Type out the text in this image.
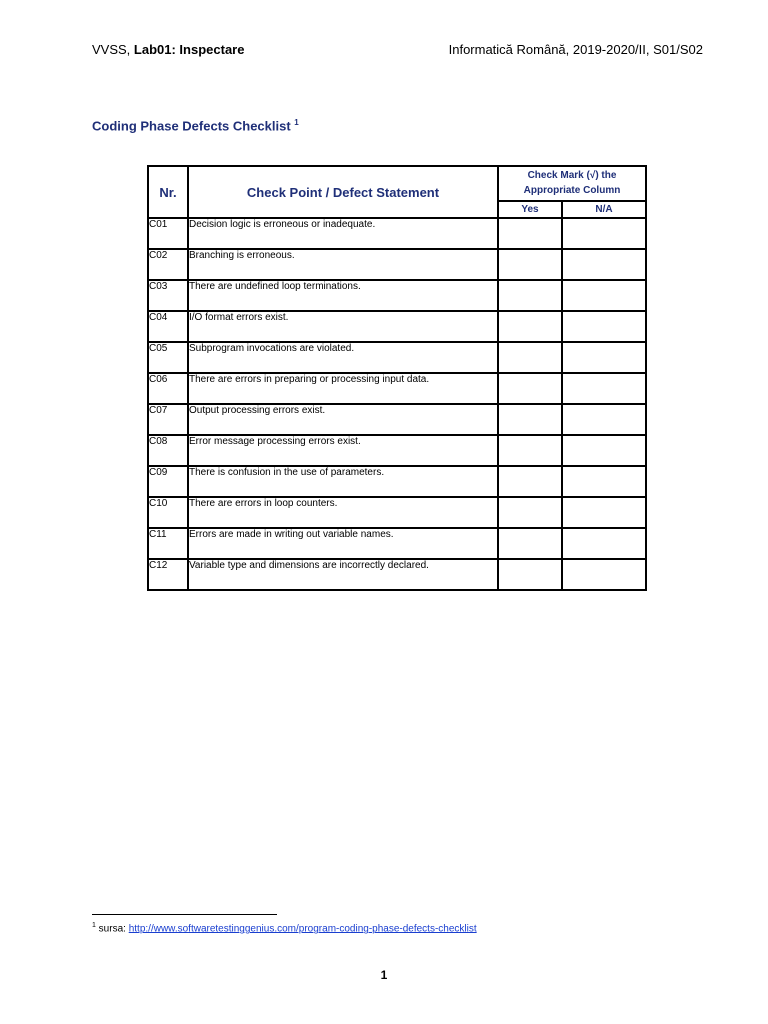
VVSS, Lab01: Inspectare	Informatică Română, 2019-2020/II, S01/S02
Coding Phase Defects Checklist $^1$
Nr.	Check Point / Defect Statement	Check Mark (√) the Appropriate Column	
		Yes	N/A
C01	Decision logic is erroneous or inadequate.		
C02	Branching is erroneous.		
C03	There are undefined loop terminations.		
C04	I/O format errors exist.		
C05	Subprogram invocations are violated.		
C06	There are errors in preparing or processing input data.		
C07	Output processing errors exist.		
C08	Error message processing errors exist.		
C09	There is confusion in the use of parameters.		
C10	There are errors in loop counters.		
C11	Errors are made in writing out variable names.		
C12	Variable type and dimensions are incorrectly declared.		
$^1$ sursa: http://www.softwaretestinggenius.com/program-coding-phase-defects-checklist
1
